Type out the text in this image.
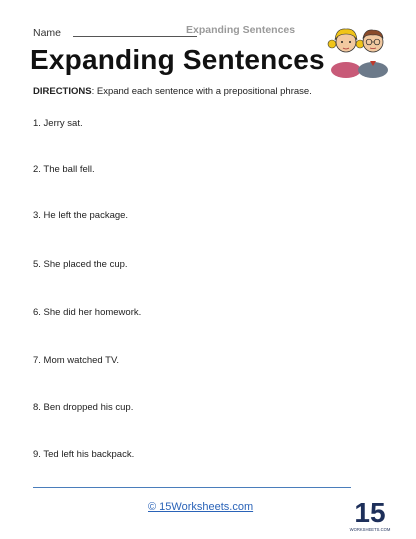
Name	Expanding Sentences
Expanding Sentences
DIRECTIONS: Expand each sentence with a prepositional phrase.
1. Jerry sat.
2. The ball fell.
3. He left the package.
5. She placed the cup.
6. She did her homework.
7. Mom watched TV.
8. Ben dropped his cup.
9. Ted left his backpack.
© 15Worksheets.com	15
WORKSHEETS.COM
